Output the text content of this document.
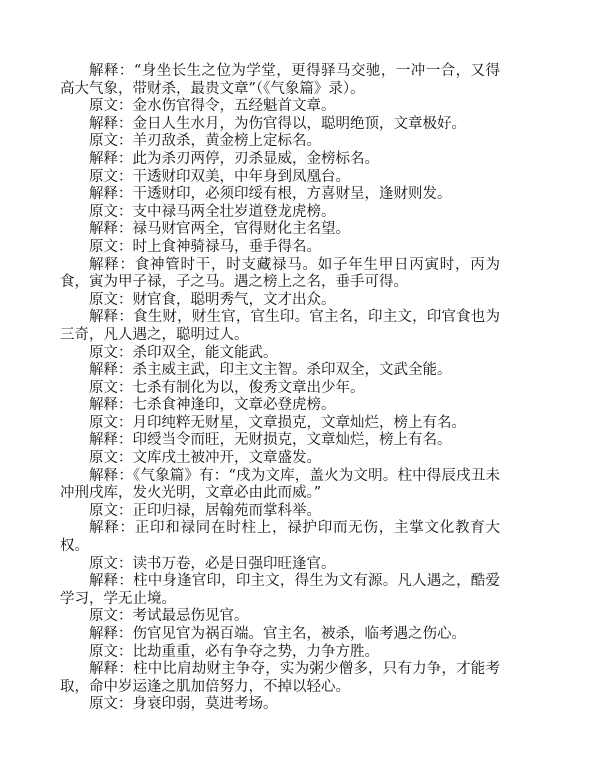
解释：“身坐长生之位为学堂，更得驿马交驰，一冲一合，又得高大气象，带财杀，最贵文章”（《气象篇》录）。

原文：金水伤官得令，五经魁首文章。

解释：金日人生水月，为伤官得以，聪明绝顶，文章极好。

原文：羊刃敌杀，黄金榜上定标名。

解释：此为杀刃两停，刃杀显威，金榜标名。

原文：干透财印双美，中年身到凤凰台。

解释：干透财印，必须印绥有根，方喜财呈，逢财则发。

原文：支中禄马两全壮岁道登龙虎榜。

解释：禄马财官两全，官得财化主名望。

原文：时上食神骑禄马，垂手得名。

解释：食神管时干，时支藏禄马。如子年生甲日丙寅时，丙为食，寅为甲子禄，子之马。遇之榜上之名，垂手可得。

原文：财官食，聪明秀气，文才出众。

解释：食生财，财生官，官生印。官主名，印主文，印官食也为三奇，凡人遇之，聪明过人。

原文：杀印双全，能文能武。

解释：杀主威主武，印主文主智。杀印双全，文武全能。

原文：七杀有制化为以，俊秀文章出少年。

解释：七杀食神逢印，文章必登虎榜。

原文：月印纯粹无财星，文章损克，文章灿烂，榜上有名。

解释：印绶当令而旺，无财损克，文章灿烂，榜上有名。

原文：文库戌土被冲开，文章盛发。

解释：《气象篇》有：“戌为文库，盖火为文明。柱中得辰戌丑未冲刑戌库，发火光明，文章必由此而威。”

原文：正印归禄，居翰苑而掌科举。

解释：正印和禄同在时柱上，禄护印而无伤，主掌文化教育大权。

原文：读书万卷，必是日强印旺逢官。

解释：柱中身逢官印，印主文，得生为文有源。凡人遇之，酷爱学习，学无止境。

原文：考试最忌伤见官。

解释：伤官见官为祸百端。官主名，被杀，临考遇之伤心。

原文：比劫重重，必有争夺之势，力争方胜。

解释：柱中比肩劫财主争夺，实为粥少僧多，只有力争，才能考取，命中岁运逢之肌加倍努力，不掉以轻心。

原文：身衰印弱，莫进考场。
